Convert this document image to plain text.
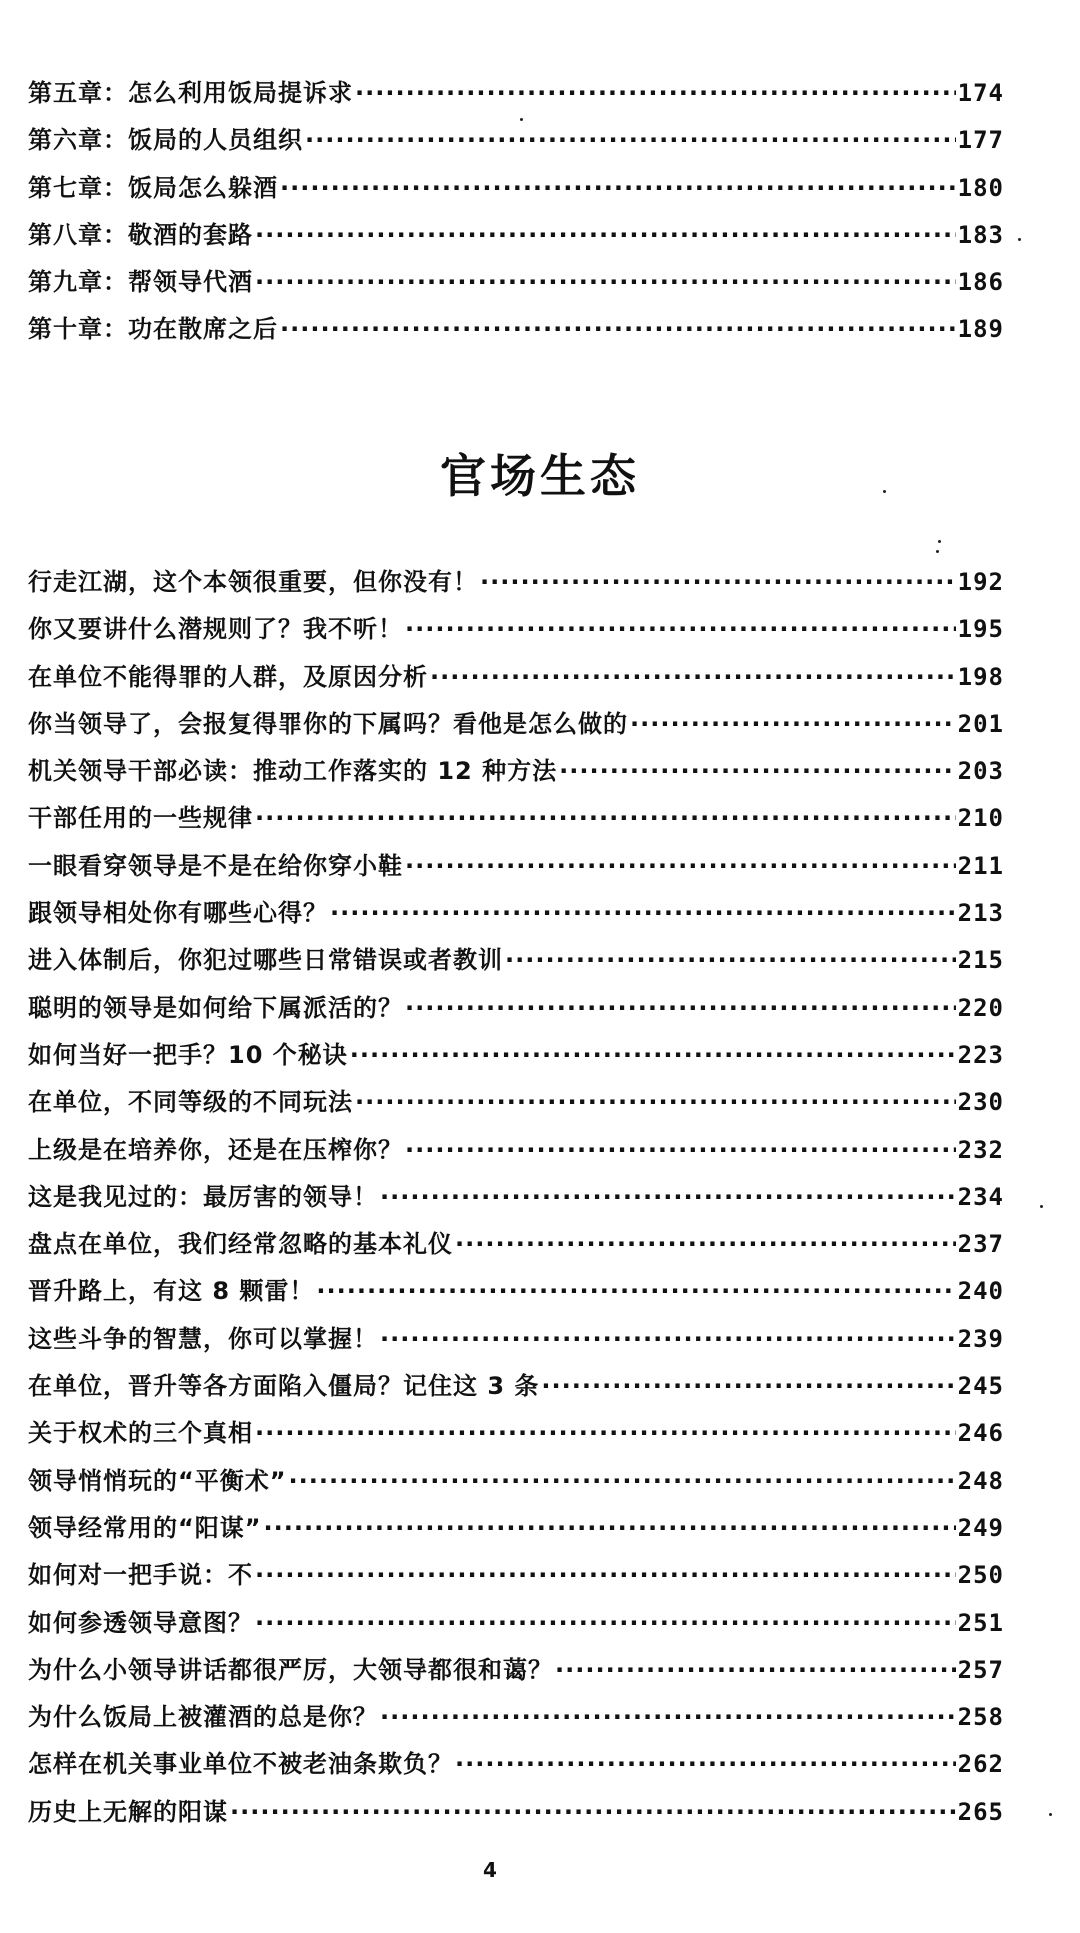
第五章：怎么利用饭局提诉求 ·····	174
第六章：饭局的人员组织 ·····	177
第七章：饭局怎么躲酒 ·····	180
第八章：敬酒的套路 ·····	183
第九章：帮领导代酒 ·····	186
第十章：功在散席之后 ·····	189
官场生态
行走江湖，这个本领很重要，但你没有！ ·····	192
你又要讲什么潜规则了？我不听！ ·····	195
在单位不能得罪的人群，及原因分析 ·····	198
你当领导了，会报复得罪你的下属吗？看他是怎么做的 ·····	201
机关领导干部必读：推动工作落实的 12 种方法 ·····	203
干部任用的一些规律 ·····	210
一眼看穿领导是不是在给你穿小鞋 ·····	211
跟领导相处你有哪些心得？ ·····	213
进入体制后，你犯过哪些日常错误或者教训 ·····	215
聪明的领导是如何给下属派活的？ ·····	220
如何当好一把手？10 个秘诀 ·····	223
在单位，不同等级的不同玩法 ·····	230
上级是在培养你，还是在压榨你？ ·····	232
这是我见过的：最厉害的领导！ ·····	234
盘点在单位，我们经常忽略的基本礼仪 ·····	237
晋升路上，有这 8 颗雷！ ·····	240
这些斗争的智慧，你可以掌握！ ·····	239
在单位，晋升等各方面陷入僵局？记住这 3 条 ·····	245
关于权术的三个真相 ·····	246
领导悄悄玩的“平衡术” ·····	248
领导经常用的“阳谋” ·····	249
如何对一把手说：不 ·····	250
如何参透领导意图？ ·····	251
为什么小领导讲话都很严厉，大领导都很和蔼？ ·····	257
为什么饭局上被灌酒的总是你？ ·····	258
怎样在机关事业单位不被老油条欺负？ ·····	262
历史上无解的阳谋 ·····	265
4
